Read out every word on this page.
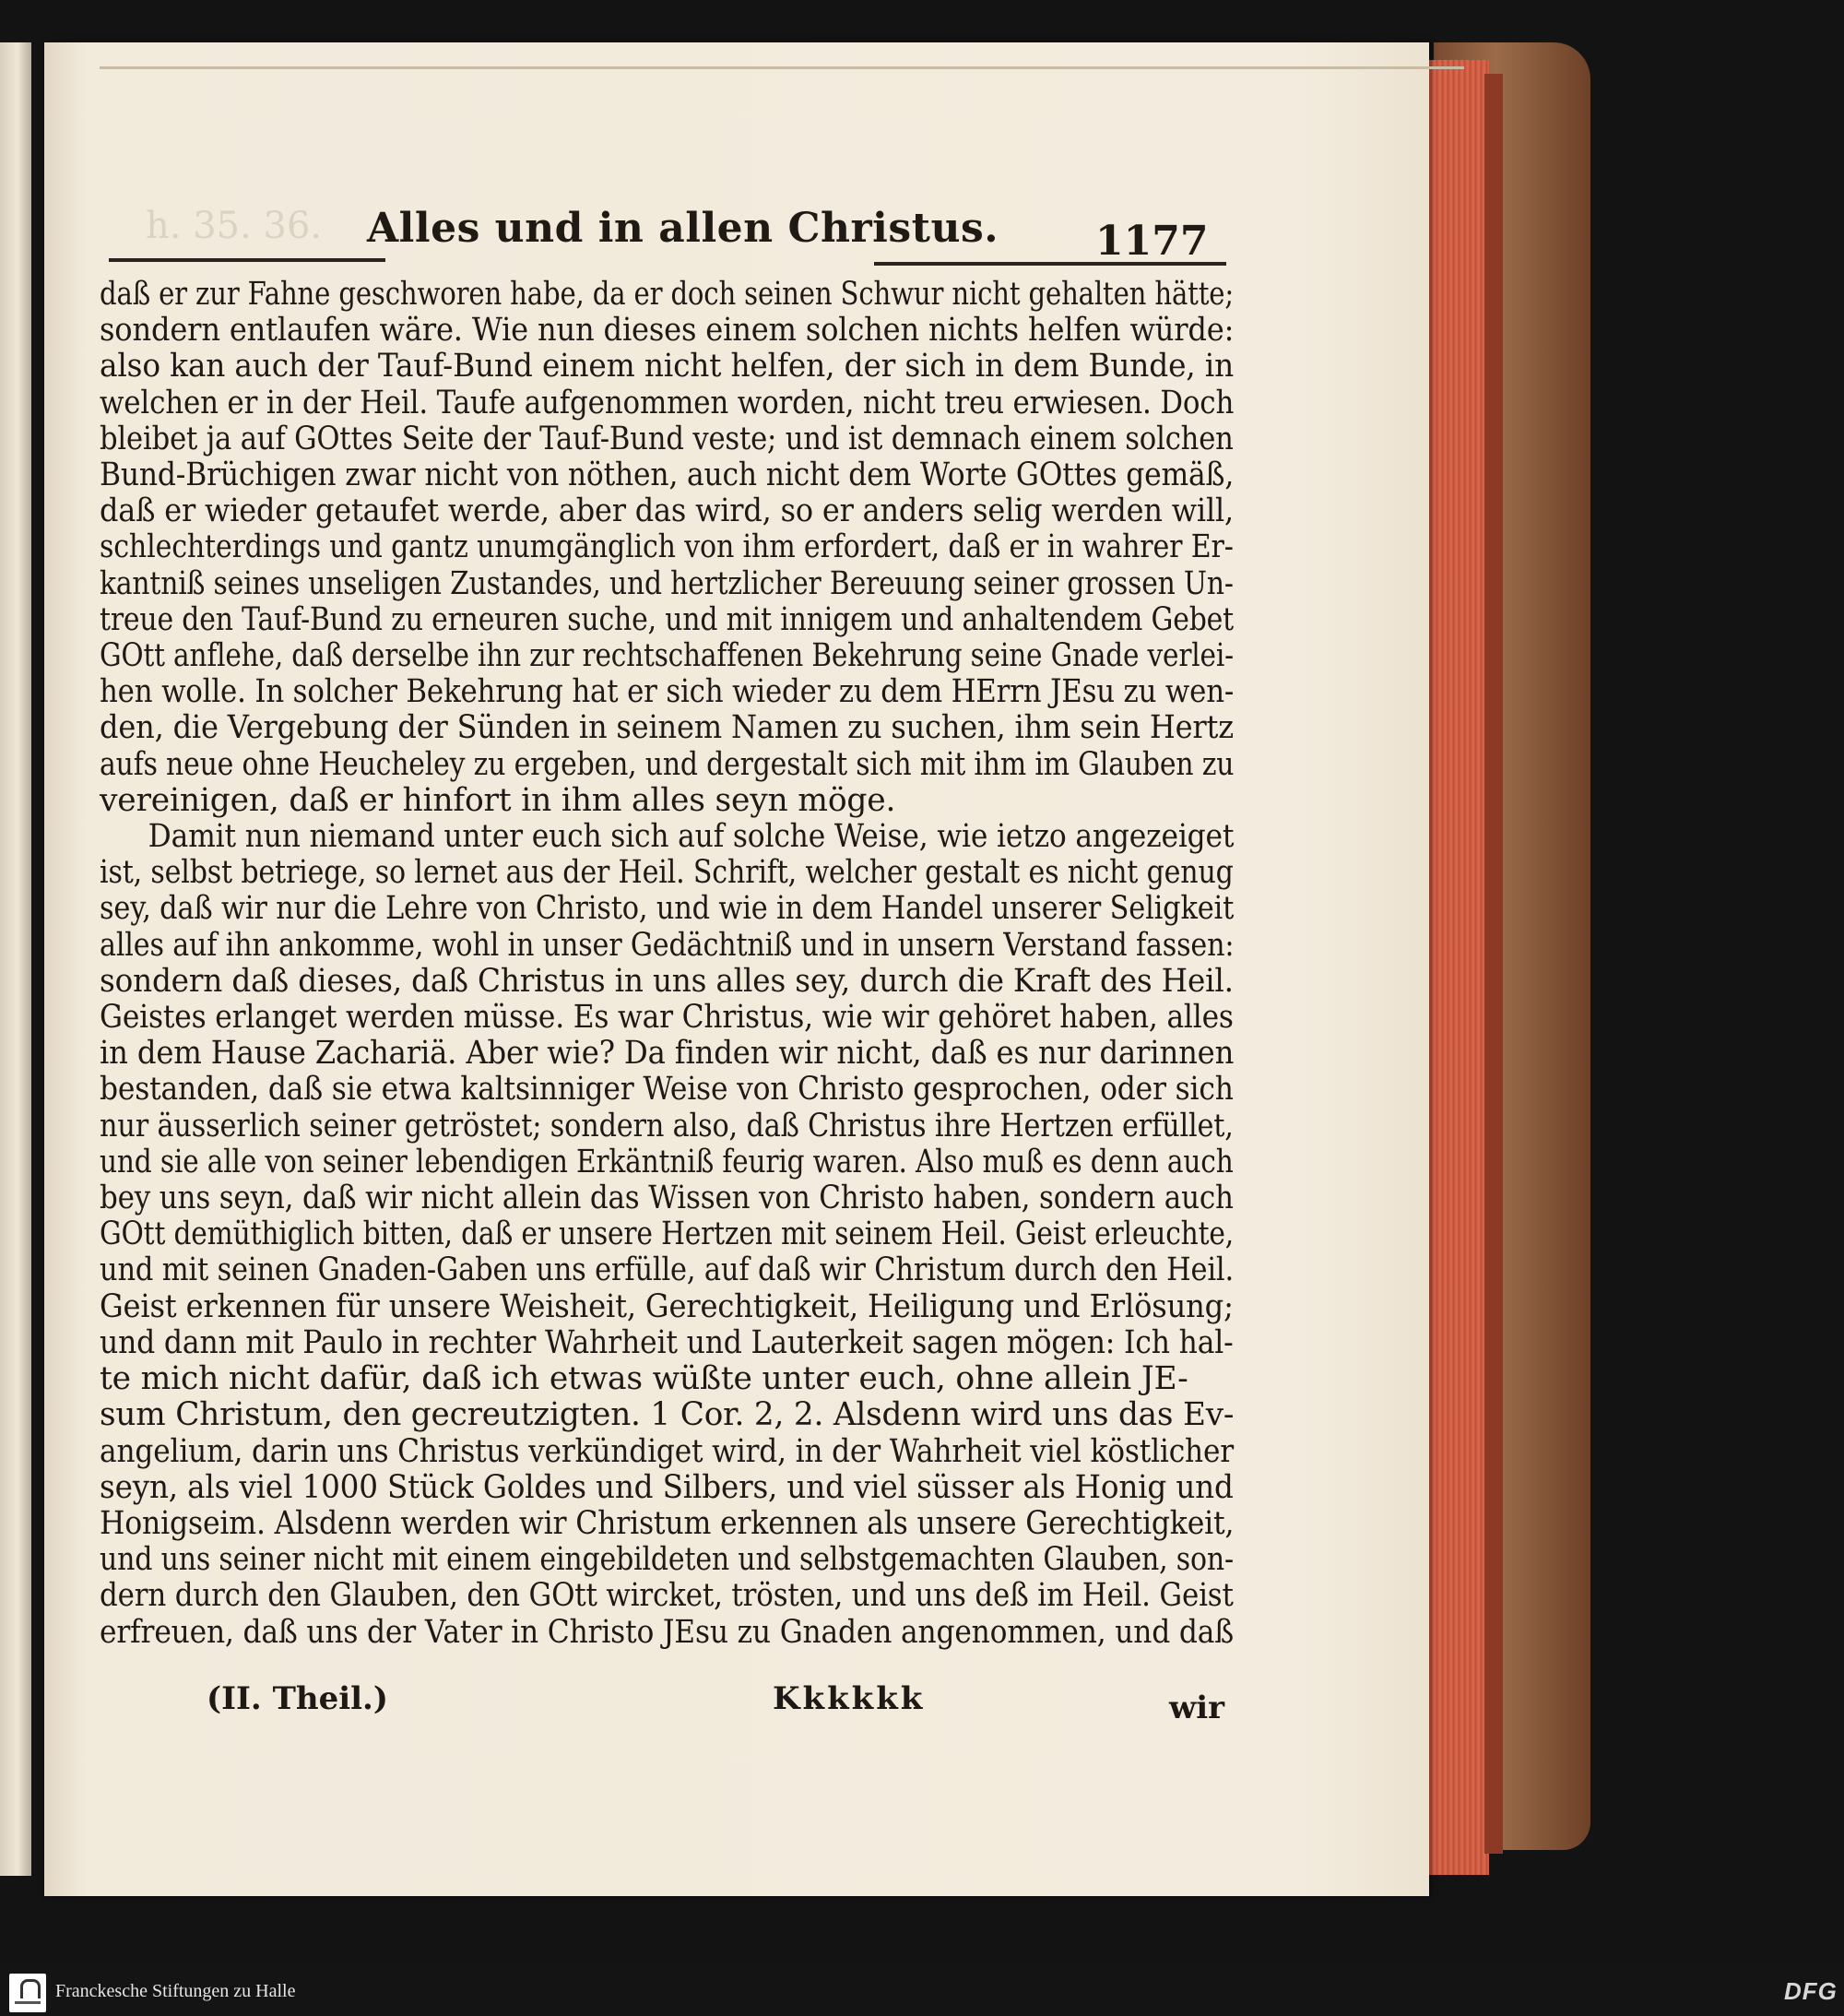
h. 35. 36. Alles und in allen Christus. 1177
daß er zur Fahne geschworen habe, da er doch seinen Schwur nicht gehalten hätte;
sondern entlaufen wäre. Wie nun dieses einem solchen nichts helfen würde:
also kan auch der Tauf-Bund einem nicht helfen, der sich in dem Bunde, in
welchen er in der Heil. Taufe aufgenommen worden, nicht treu erwiesen. Doch
bleibet ja auf GOttes Seite der Tauf-Bund veste; und ist demnach einem solchen
Bund-Brüchigen zwar nicht von nöthen, auch nicht dem Worte GOttes gemäß,
daß er wieder getaufet werde, aber das wird, so er anders selig werden will,
schlechterdings und gantz unumgänglich von ihm erfordert, daß er in wahrer Er-
kantniß seines unseligen Zustandes, und hertzlicher Bereuung seiner grossen Un-
treue den Tauf-Bund zu erneuren suche, und mit innigem und anhaltendem Gebet
GOtt anflehe, daß derselbe ihn zur rechtschaffenen Bekehrung seine Gnade verlei-
hen wolle. In solcher Bekehrung hat er sich wieder zu dem HErrn JEsu zu wen-
den, die Vergebung der Sünden in seinem Namen zu suchen, ihm sein Hertz
aufs neue ohne Heucheley zu ergeben, und dergestalt sich mit ihm im Glauben zu
vereinigen, daß er hinfort in ihm alles seyn möge.
Damit nun niemand unter euch sich auf solche Weise, wie ietzo angezeiget
ist, selbst betriege, so lernet aus der Heil. Schrift, welcher gestalt es nicht genug
sey, daß wir nur die Lehre von Christo, und wie in dem Handel unserer Seligkeit
alles auf ihn ankomme, wohl in unser Gedächtniß und in unsern Verstand fassen:
sondern daß dieses, daß Christus in uns alles sey, durch die Kraft des Heil.
Geistes erlanget werden müsse. Es war Christus, wie wir gehöret haben, alles
in dem Hause Zachariä. Aber wie? Da finden wir nicht, daß es nur darinnen
bestanden, daß sie etwa kaltsinniger Weise von Christo gesprochen, oder sich
nur äusserlich seiner getröstet; sondern also, daß Christus ihre Hertzen erfüllet,
und sie alle von seiner lebendigen Erkäntniß feurig waren. Also muß es denn auch
bey uns seyn, daß wir nicht allein das Wissen von Christo haben, sondern auch
GOtt demüthiglich bitten, daß er unsere Hertzen mit seinem Heil. Geist erleuchte,
und mit seinen Gnaden-Gaben uns erfülle, auf daß wir Christum durch den Heil.
Geist erkennen für unsere Weisheit, Gerechtigkeit, Heiligung und Erlösung;
und dann mit Paulo in rechter Wahrheit und Lauterkeit sagen mögen: Ich hal-
te mich nicht dafür, daß ich etwas wüßte unter euch, ohne allein JE-
sum Christum, den gecreutzigten. 1 Cor. 2, 2. Alsdenn wird uns das Ev-
angelium, darin uns Christus verkündiget wird, in der Wahrheit viel köstlicher
seyn, als viel 1000 Stück Goldes und Silbers, und viel süsser als Honig und
Honigseim. Alsdenn werden wir Christum erkennen als unsere Gerechtigkeit,
und uns seiner nicht mit einem eingebildeten und selbstgemachten Glauben, son-
dern durch den Glauben, den GOtt wircket, trösten, und uns deß im Heil. Geist
erfreuen, daß uns der Vater in Christo JEsu zu Gnaden angenommen, und daß
(II. Theil.)	Kkkkkk	wir
Franckesche Stiftungen zu Halle	DFG
